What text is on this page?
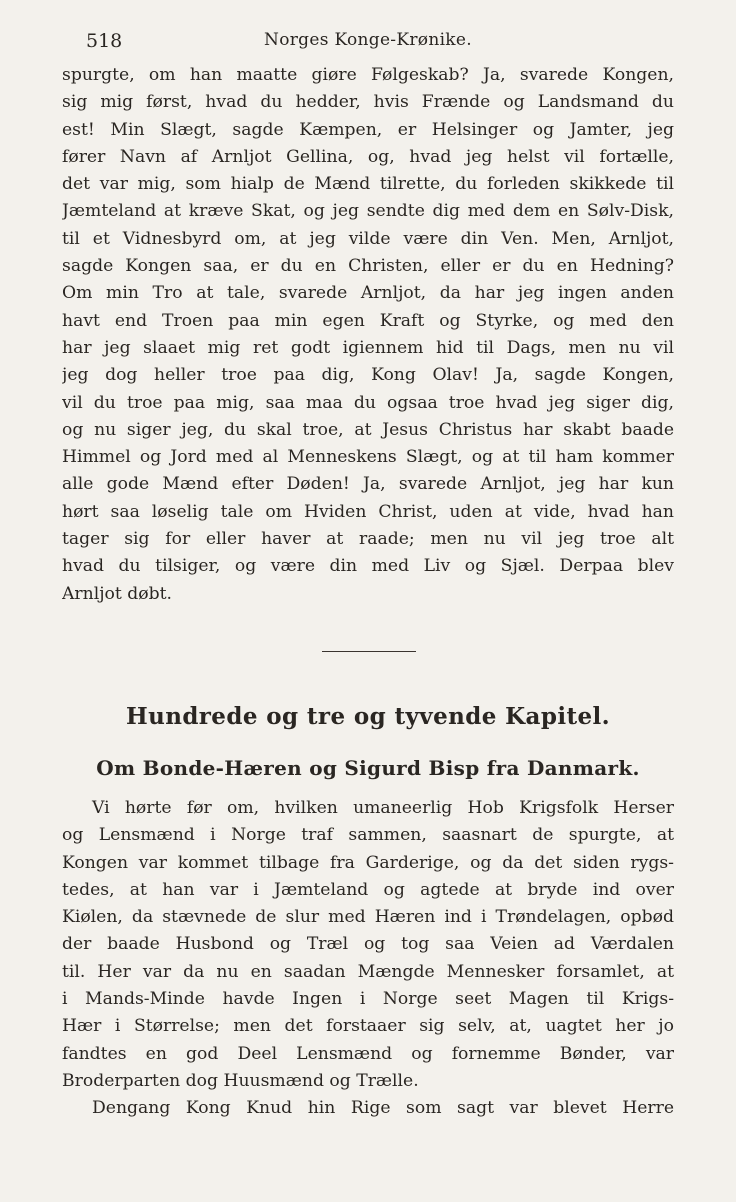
518	Norges Konge-Krønike.
spurgte, om han maatte giøre Følgeskab? Ja, svarede Kongen,
sig mig først, hvad du hedder, hvis Frænde og Landsmand du
est! Min Slægt, sagde Kæmpen, er Helsinger og Jamter, jeg
fører Navn af Arnljot Gellina, og, hvad jeg helst vil fortælle,
det var mig, som hialp de Mænd tilrette, du forleden skikkede til
Jæmteland at kræve Skat, og jeg sendte dig med dem en Sølv-Disk,
til et Vidnesbyrd om, at jeg vilde være din Ven. Men, Arnljot,
sagde Kongen saa, er du en Christen, eller er du en Hedning?
Om min Tro at tale, svarede Arnljot, da har jeg ingen anden
havt end Troen paa min egen Kraft og Styrke, og med den
har jeg slaaet mig ret godt igiennem hid til Dags, men nu vil
jeg dog heller troe paa dig, Kong Olav! Ja, sagde Kongen,
vil du troe paa mig, saa maa du ogsaa troe hvad jeg siger dig,
og nu siger jeg, du skal troe, at Jesus Christus har skabt baade
Himmel og Jord med al Menneskens Slægt, og at til ham kommer
alle gode Mænd efter Døden! Ja, svarede Arnljot, jeg har kun
hørt saa løselig tale om Hviden Christ, uden at vide, hvad han
tager sig for eller haver at raade; men nu vil jeg troe alt
hvad du tilsiger, og være din med Liv og Sjæl. Derpaa blev
Arnljot døbt.
Hundrede og tre og tyvende Kapitel.
Om Bonde-Hæren og Sigurd Bisp fra Danmark.
Vi hørte før om, hvilken umaneerlig Hob Krigsfolk Herser
og Lensmænd i Norge traf sammen, saasnart de spurgte, at
Kongen var kommet tilbage fra Garderige, og da det siden rygs-
tedes, at han var i Jæmteland og agtede at bryde ind over
Kiølen, da stævnede de slur med Hæren ind i Trøndelagen, opbød
der baade Husbond og Træl og tog saa Veien ad Værdalen
til. Her var da nu en saadan Mængde Mennesker forsamlet, at
i Mands-Minde havde Ingen i Norge seet Magen til Krigs-
Hær i Størrelse; men det forstaaer sig selv, at, uagtet her jo
fandtes en god Deel Lensmænd og fornemme Bønder, var
Broderparten dog Huusmænd og Trælle.
Dengang Kong Knud hin Rige som sagt var blevet Herre
